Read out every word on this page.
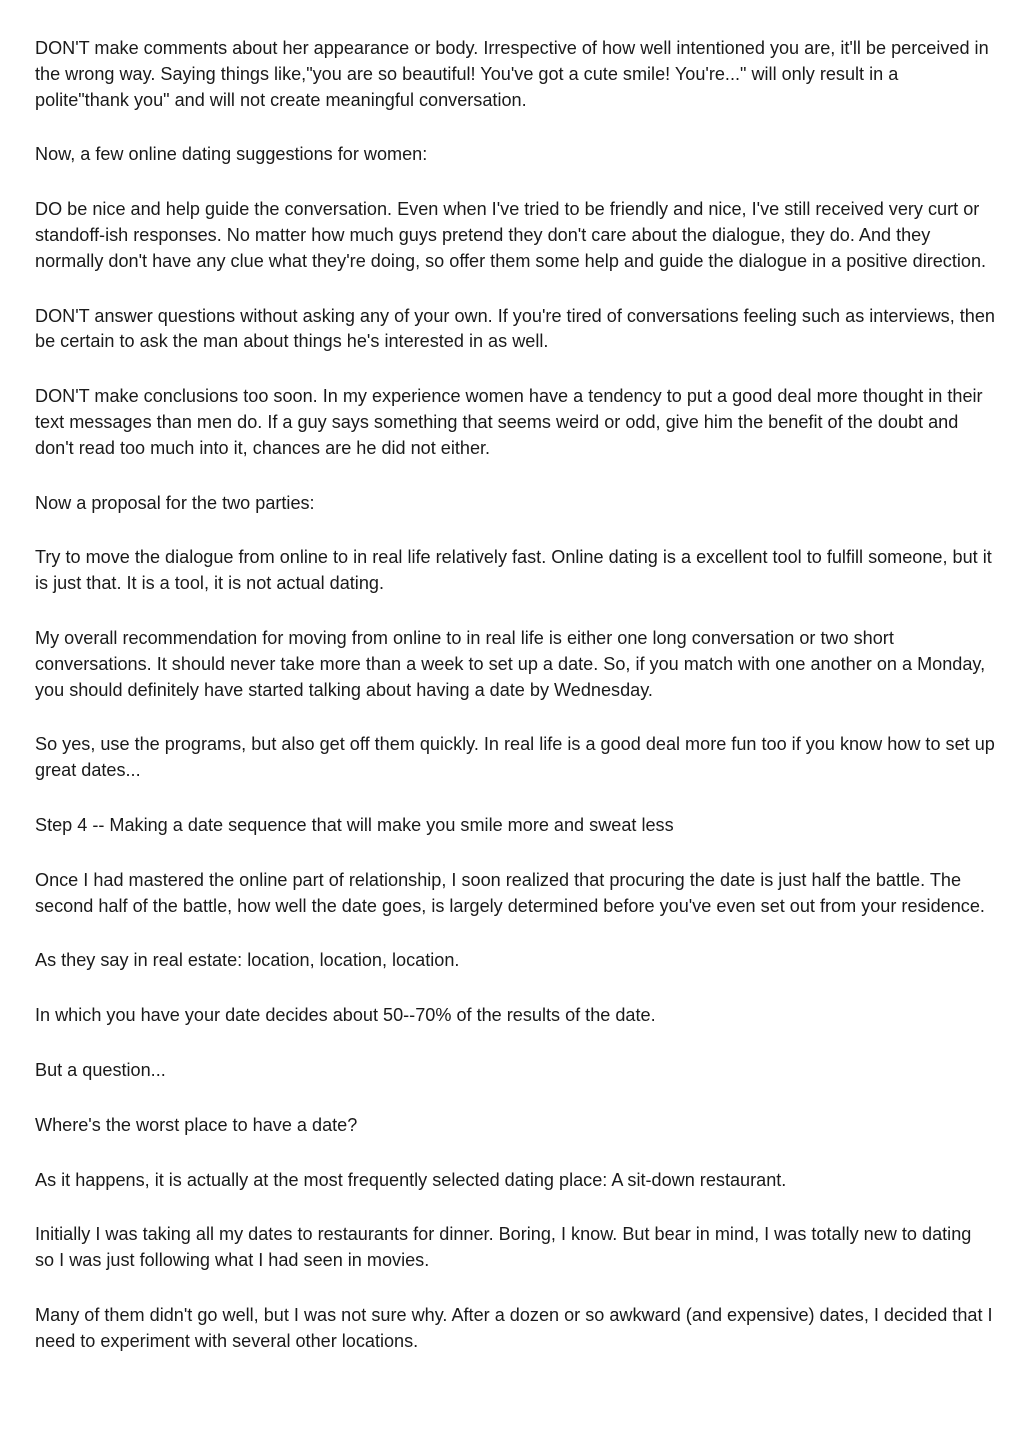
DON'T make comments about her appearance or body. Irrespective of how well intentioned you are, it'll be perceived in the wrong way. Saying things like,"you are so beautiful! You've got a cute smile! You're..." will only result in a polite"thank you" and will not create meaningful conversation.

Now, a few online dating suggestions for women:

DO be nice and help guide the conversation. Even when I've tried to be friendly and nice, I've still received very curt or standoff-ish responses. No matter how much guys pretend they don't care about the dialogue, they do. And they normally don't have any clue what they're doing, so offer them some help and guide the dialogue in a positive direction.

DON'T answer questions without asking any of your own. If you're tired of conversations feeling such as interviews, then be certain to ask the man about things he's interested in as well.

DON'T make conclusions too soon. In my experience women have a tendency to put a good deal more thought in their text messages than men do. If a guy says something that seems weird or odd, give him the benefit of the doubt and don't read too much into it, chances are he did not either.

Now a proposal for the two parties:

Try to move the dialogue from online to in real life relatively fast. Online dating is a excellent tool to fulfill someone, but it is just that. It is a tool, it is not actual dating.

My overall recommendation for moving from online to in real life is either one long conversation or two short conversations. It should never take more than a week to set up a date. So, if you match with one another on a Monday, you should definitely have started talking about having a date by Wednesday.

So yes, use the programs, but also get off them quickly. In real life is a good deal more fun too if you know how to set up great dates...

Step 4 -- Making a date sequence that will make you smile more and sweat less

Once I had mastered the online part of relationship, I soon realized that procuring the date is just half the battle. The second half of the battle, how well the date goes, is largely determined before you've even set out from your residence.

As they say in real estate: location, location, location.

In which you have your date decides about 50--70% of the results of the date.

But a question...

Where's the worst place to have a date?

As it happens, it is actually at the most frequently selected dating place: A sit-down restaurant.

Initially I was taking all my dates to restaurants for dinner. Boring, I know. But bear in mind, I was totally new to dating so I was just following what I had seen in movies.

Many of them didn't go well, but I was not sure why. After a dozen or so awkward (and expensive) dates, I decided that I need to experiment with several other locations.
